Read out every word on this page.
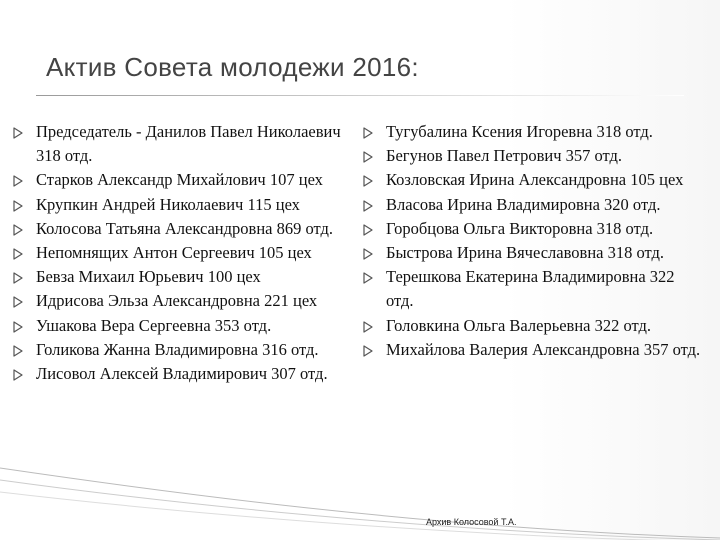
Актив Совета молодежи 2016:
Председатель - Данилов Павел Николаевич 318 отд.
Старков Александр Михайлович 107 цех
Крупкин Андрей Николаевич 115 цех
Колосова Татьяна Александровна 869 отд.
Непомнящих Антон Сергеевич 105 цех
Бевза Михаил Юрьевич 100 цех
Идрисова Эльза Александровна 221 цех
Ушакова Вера Сергеевна 353 отд.
Голикова Жанна Владимировна 316 отд.
Лисовол Алексей Владимирович 307 отд.
Тугубалина Ксения Игоревна 318 отд.
Бегунов Павел Петрович 357 отд.
Козловская Ирина Александровна 105 цех
Власова Ирина Владимировна 320 отд.
Горобцова Ольга Викторовна 318 отд.
Быстрова Ирина Вячеславовна 318 отд.
Терешкова Екатерина Владимировна 322 отд.
Головкина Ольга Валерьевна 322 отд.
Михайлова Валерия Александровна 357 отд.
Архив Колосовой Т.А.
